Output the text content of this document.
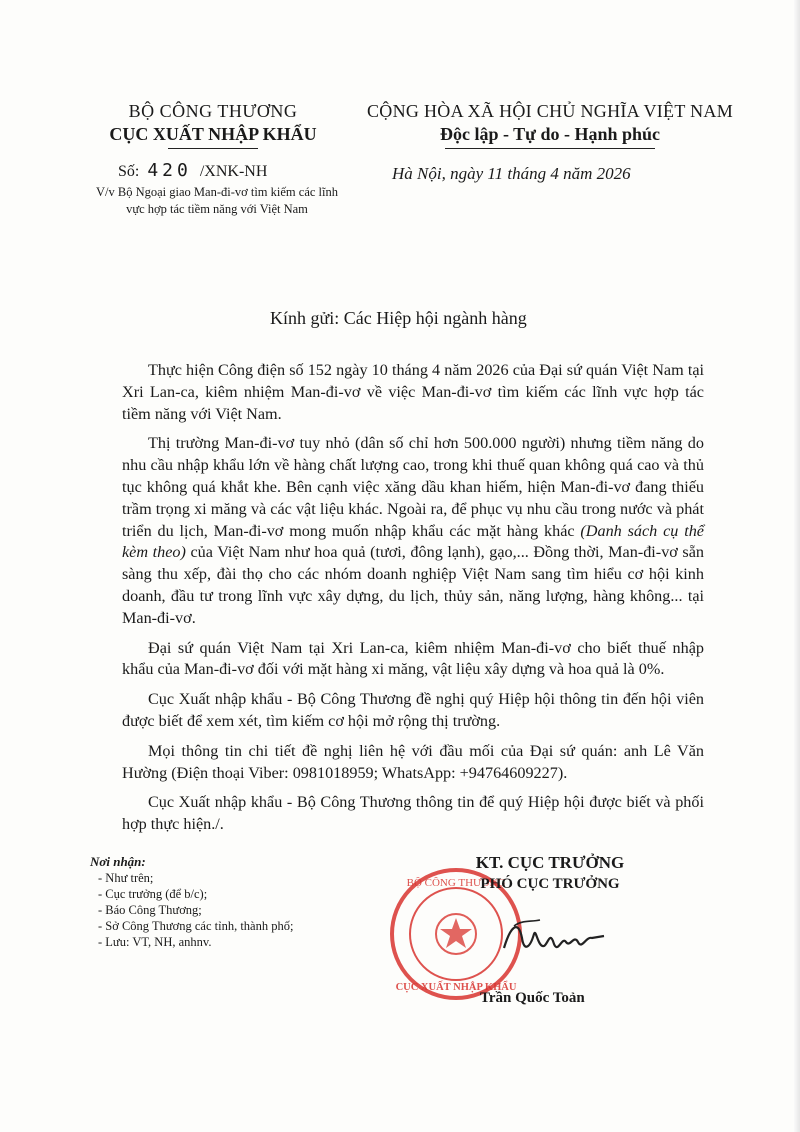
BỘ CÔNG THƯƠNG
CỤC XUẤT NHẬP KHẨU
CỘNG HÒA XÃ HỘI CHỦ NGHĨA VIỆT NAM
Độc lập - Tự do - Hạnh phúc
Số: 420 /XNK-NH
V/v Bộ Ngoại giao Man-đi-vơ tìm kiếm các lĩnh vực hợp tác tiềm năng với Việt Nam
Hà Nội, ngày 11 tháng 4 năm 2026
Kính gửi: Các Hiệp hội ngành hàng

Thực hiện Công điện số 152 ngày 10 tháng 4 năm 2026 của Đại sứ quán Việt Nam tại Xri Lan-ca, kiêm nhiệm Man-đi-vơ về việc Man-đi-vơ tìm kiếm các lĩnh vực hợp tác tiềm năng với Việt Nam.

Thị trường Man-đi-vơ tuy nhỏ (dân số chỉ hơn 500.000 người) nhưng tiềm năng do nhu cầu nhập khẩu lớn về hàng chất lượng cao, trong khi thuế quan không quá cao và thủ tục không quá khắt khe. Bên cạnh việc xăng dầu khan hiếm, hiện Man-đi-vơ đang thiếu trầm trọng xi măng và các vật liệu khác. Ngoài ra, để phục vụ nhu cầu trong nước và phát triển du lịch, Man-đi-vơ mong muốn nhập khẩu các mặt hàng khác (Danh sách cụ thể kèm theo) của Việt Nam như hoa quả (tươi, đông lạnh), gạo,... Đồng thời, Man-đi-vơ sẵn sàng thu xếp, đài thọ cho các nhóm doanh nghiệp Việt Nam sang tìm hiểu cơ hội kinh doanh, đầu tư trong lĩnh vực xây dựng, du lịch, thủy sản, năng lượng, hàng không... tại Man-đi-vơ.

Đại sứ quán Việt Nam tại Xri Lan-ca, kiêm nhiệm Man-đi-vơ cho biết thuế nhập khẩu của Man-đi-vơ đối với mặt hàng xi măng, vật liệu xây dựng và hoa quả là 0%.

Cục Xuất nhập khẩu - Bộ Công Thương đề nghị quý Hiệp hội thông tin đến hội viên được biết để xem xét, tìm kiếm cơ hội mở rộng thị trường.

Mọi thông tin chi tiết đề nghị liên hệ với đầu mối của Đại sứ quán: anh Lê Văn Hường (Điện thoại Viber: 0981018959; WhatsApp: +94764609227).

Cục Xuất nhập khẩu - Bộ Công Thương thông tin để quý Hiệp hội được biết và phối hợp thực hiện./.

Nơi nhận:
- Như trên;
- Cục trưởng (để b/c);
- Báo Công Thương;
- Sở Công Thương các tỉnh, thành phố;
- Lưu: VT, NH, anhnv.
BỘ CÔNG THƯƠNG
CỤC XUẤT NHẬP KHẨU
KT. CỤC TRƯỞNG
PHÓ CỤC TRƯỞNG
Trần Quốc Toản
